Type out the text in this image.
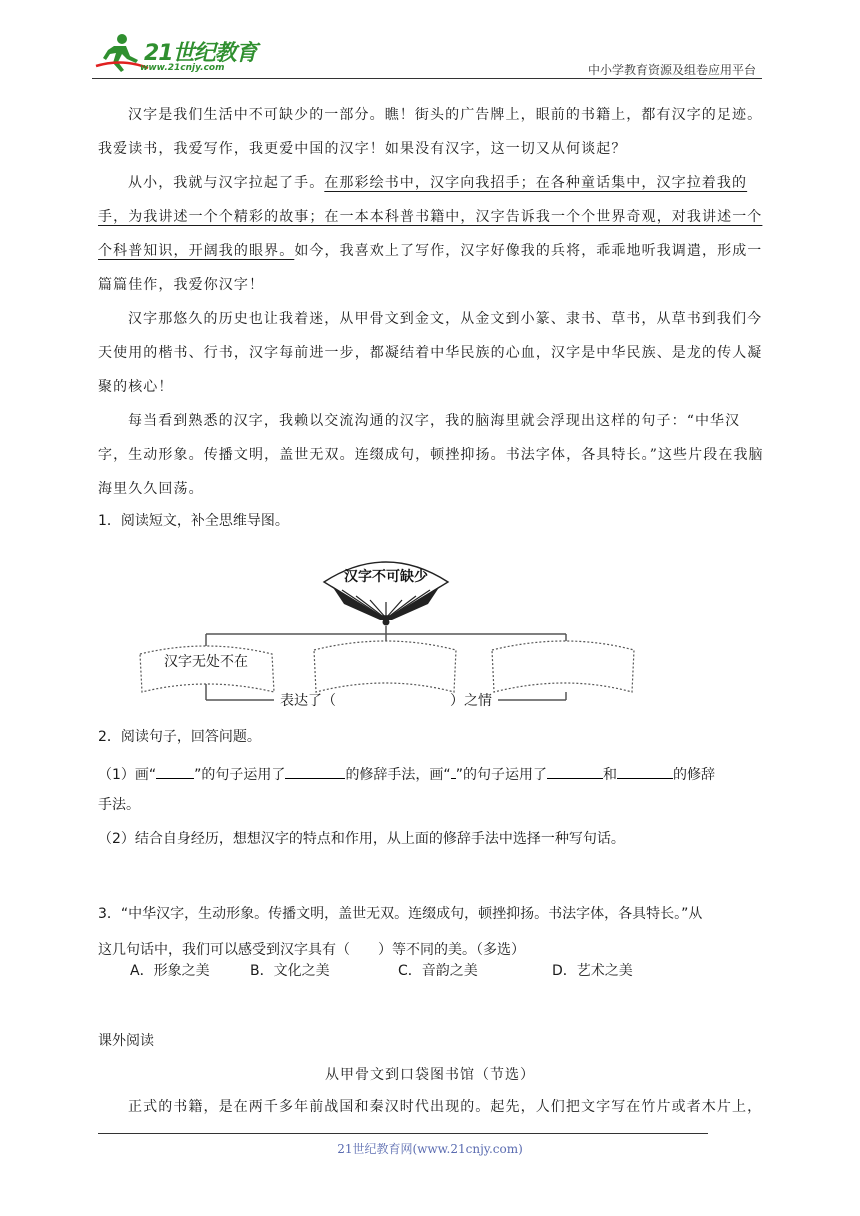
21世纪教育
www.21cnjy.com	中小学教育资源及组卷应用平台
汉字是我们生活中不可缺少的一部分。瞧！街头的广告牌上，眼前的书籍上，都有汉字的足迹。我爱读书，我爱写作，我更爱中国的汉字！如果没有汉字，这一切又从何谈起？
从小，我就与汉字拉起了手。在那彩绘书中，汉字向我招手；在各种童话集中，汉字拉着我的手，为我讲述一个个精彩的故事；在一本本科普书籍中，汉字告诉我一个个世界奇观，对我讲述一个个科普知识，开阔我的眼界。如今，我喜欢上了写作，汉字好像我的兵将，乖乖地听我调遣，形成一篇篇佳作，我爱你汉字！
汉字那悠久的历史也让我着迷，从甲骨文到金文，从金文到小篆、隶书、草书，从草书到我们今天使用的楷书、行书，汉字每前进一步，都凝结着中华民族的心血，汉字是中华民族、是龙的传人凝聚的核心！
每当看到熟悉的汉字，我赖以交流沟通的汉字，我的脑海里就会浮现出这样的句子：“中华汉字，生动形象。传播文明，盖世无双。连缀成句，顿挫抑扬。书法字体，各具特长。”这些片段在我脑海里久久回荡。
1．阅读短文，补全思维导图。
汉字不可缺少
汉字无处不在
表达了（	）之情
2．阅读句子，回答问题。
（1）画“	”的句子运用了	的修辞手法，画“ ”的句子运用了	和	的修辞
手法。
（2）结合自身经历，想想汉字的特点和作用，从上面的修辞手法中选择一种写句话。
3．“中华汉字，生动形象。传播文明，盖世无双。连缀成句，顿挫抑扬。书法字体，各具特长。”从
这几句话中，我们可以感受到汉字具有（　　）等不同的美。（多选）
A．形象之美	B．文化之美	C．音韵之美	D．艺术之美
课外阅读
从甲骨文到口袋图书馆（节选）
正式的书籍，是在两千多年前战国和秦汉时代出现的。起先，人们把文字写在竹片或者木片上，
21世纪教育网(www.21cnjy.com)
